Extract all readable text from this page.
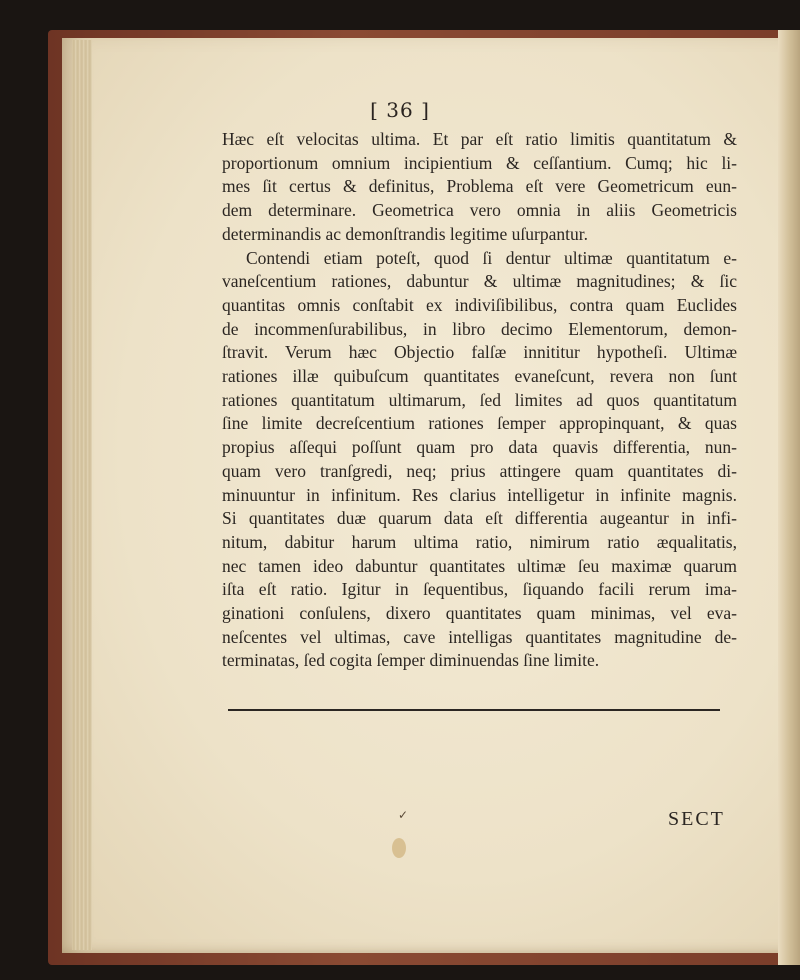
[ 36 ]
Hæc eſt velocitas ultima. Et par eſt ratio limitis quantitatum &
proportionum omnium incipientium & ceſſantium. Cumq; hic li-
mes ſit certus & definitus, Problema eſt vere Geometricum eun-
dem determinare. Geometrica vero omnia in aliis Geometricis
determinandis ac demonſtrandis legitime uſurpantur.
Contendi etiam poteſt, quod ſi dentur ultimæ quantitatum e-
vaneſcentium rationes, dabuntur & ultimæ magnitudines; & ſic
quantitas omnis conſtabit ex indiviſibilibus, contra quam Euclides
de incommenſurabilibus, in libro decimo Elementorum, demon-
ſtravit. Verum hæc Objectio falſæ innititur hypotheſi. Ultimæ
rationes illæ quibuſcum quantitates evaneſcunt, revera non ſunt
rationes quantitatum ultimarum, ſed limites ad quos quantitatum
ſine limite decreſcentium rationes ſemper appropinquant, & quas
propius aſſequi poſſunt quam pro data quavis differentia, nun-
quam vero tranſgredi, neq; prius attingere quam quantitates di-
minuuntur in infinitum. Res clarius intelligetur in infinite magnis.
Si quantitates duæ quarum data eſt differentia augeantur in infi-
nitum, dabitur harum ultima ratio, nimirum ratio æqualitatis,
nec tamen ideo dabuntur quantitates ultimæ ſeu maximæ quarum
iſta eſt ratio. Igitur in ſequentibus, ſiquando facili rerum ima-
ginationi conſulens, dixero quantitates quam minimas, vel eva-
neſcentes vel ultimas, cave intelligas quantitates magnitudine de-
terminatas, ſed cogita ſemper diminuendas ſine limite.
✓	SECT
